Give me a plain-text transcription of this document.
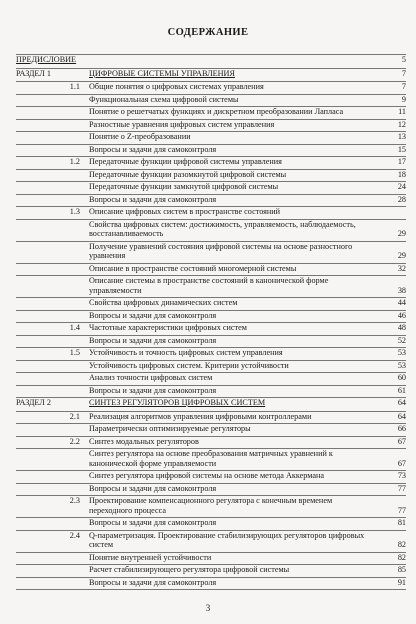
СОДЕРЖАНИЕ
ПРЕДИСЛОВИЕ	5
РАЗДЕЛ 1	ЦИФРОВЫЕ СИСТЕМЫ УПРАВЛЕНИЯ	7
1.1 Общие понятия о цифровых системах управления	7
Функциональная схема цифровой системы	9
Понятие о решетчатых функциях и дискретном преобразовании Лапласа	11
Разностные уравнения цифровых систем управления	12
Понятие о Z-преобразовании	13
Вопросы и задачи для самоконтроля	15
1.2 Передаточные функции цифровой системы управления	17
Передаточные функции разомкнутой цифровой системы	18
Передаточные функции замкнутой цифровой системы	24
Вопросы и задачи для самоконтроля	28
1.3 Описание цифровых систем в пространстве состояний
Свойства цифровых систем: достижимость, управляемость, наблюдаемость, восстанавливаемость	29
Получение уравнений состояния цифровой системы на основе разностного уравнения	29
Описание в пространстве состояний многомерной системы	32
Описание системы в пространстве состояний в канонической форме управляемости	38
Свойства цифровых динамических систем	44
Вопросы и задачи для самоконтроля	46
1.4 Частотные характеристики цифровых систем	48
Вопросы и задачи для самоконтроля	52
1.5 Устойчивость и точность цифровых систем управления	53
Устойчивость цифровых систем. Критерии устойчивости	53
Анализ точности цифровых систем	60
Вопросы и задачи для самоконтроля	61
РАЗДЕЛ 2	СИНТЕЗ РЕГУЛЯТОРОВ ЦИФРОВЫХ СИСТЕМ	64
2.1 Реализация алгоритмов управления цифровыми контроллерами	64
Параметрически оптимизируемые регуляторы	66
2.2 Синтез модальных регуляторов	67
Синтез регулятора на основе преобразования матричных уравнений к канонической форме управляемости	67
Синтез регулятора цифровой системы на основе метода Аккермана	73
Вопросы и задачи для самоконтроля	77
2.3 Проектирование компенсационного регулятора с конечным временем переходного процесса	77
Вопросы и задачи для самоконтроля	81
2.4 Q-параметризация. Проектирование стабилизирующих регуляторов цифровых систем	82
Понятие внутренней устойчивости	82
Расчет стабилизирующего регулятора цифровой системы	85
Вопросы и задачи для самоконтроля	91
3
